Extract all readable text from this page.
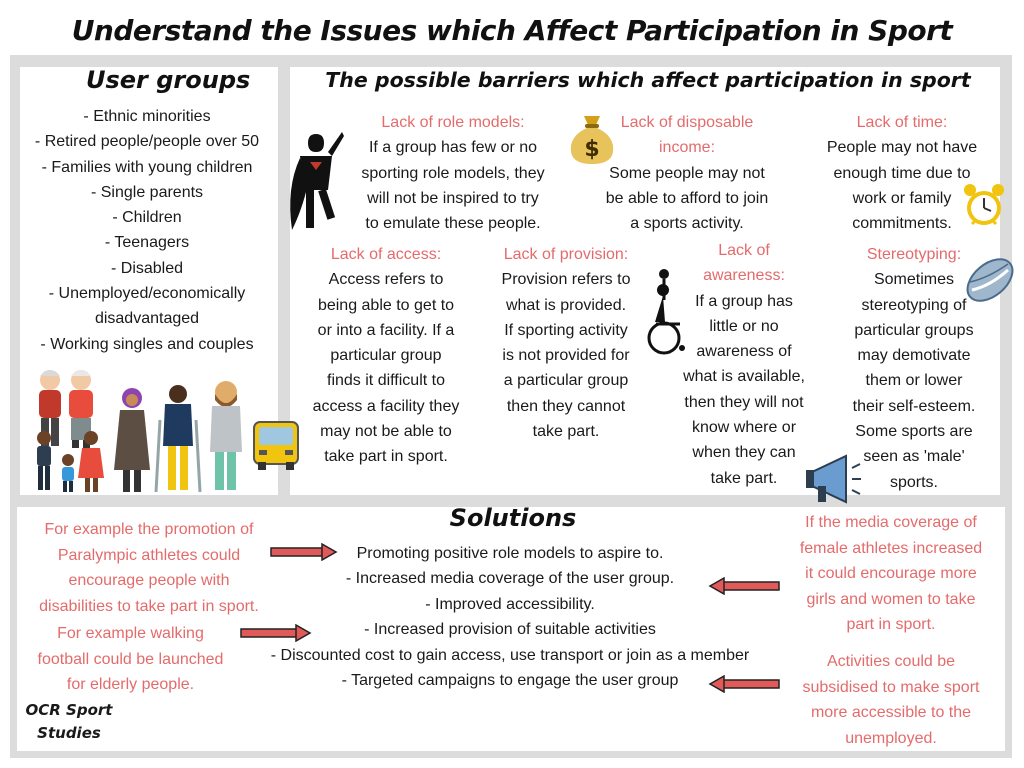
Understand the Issues which Affect Participation in Sport
User groups
- Ethnic minorities
- Retired people/people over 50
- Families with young children
- Single parents
- Children
- Teenagers
- Disabled
- Unemployed/economically
disadvantaged
- Working singles and couples
The possible barriers which affect participation in sport
Lack of role models:
If a group has few or no
sporting role models, they
will not be inspired to try
to emulate these people.
Lack of disposable
income:
Some people may not
be able to afford to join
a sports activity.
Lack of time:
People may not have
enough time due to
work or family
commitments.
Lack of access:
Access refers to
being able to get to
or into a facility. If a
particular group
finds it difficult to
access a facility they
may not be able to
take part in sport.
Lack of provision:
Provision refers to
what is provided.
If sporting activity
is not provided for
a particular group
then they cannot
take part.
Lack of
awareness:
If a group has
little or no
awareness of
what is available,
then they will not
know where or
when they can
take part.
Stereotyping:
Sometimes
stereotyping of
particular groups
may demotivate
them or lower
their self-esteem.
Some sports are
seen as 'male'
sports.
$
Solutions
Promoting positive role models to aspire to.
- Increased media coverage of the user group.
- Improved accessibility.
- Increased provision of suitable activities
- Discounted cost to gain access, use transport or join as a member
- Targeted campaigns to engage the user group
For example the promotion of
Paralympic athletes could
encourage people with
disabilities to take part in sport.
For example walking
football could be launched
for elderly people.
If the media coverage of
female athletes increased
it could encourage more
girls and women to take
part in sport.
Activities could be
subsidised to make sport
more accessible to the
unemployed.
OCR Sport
Studies
